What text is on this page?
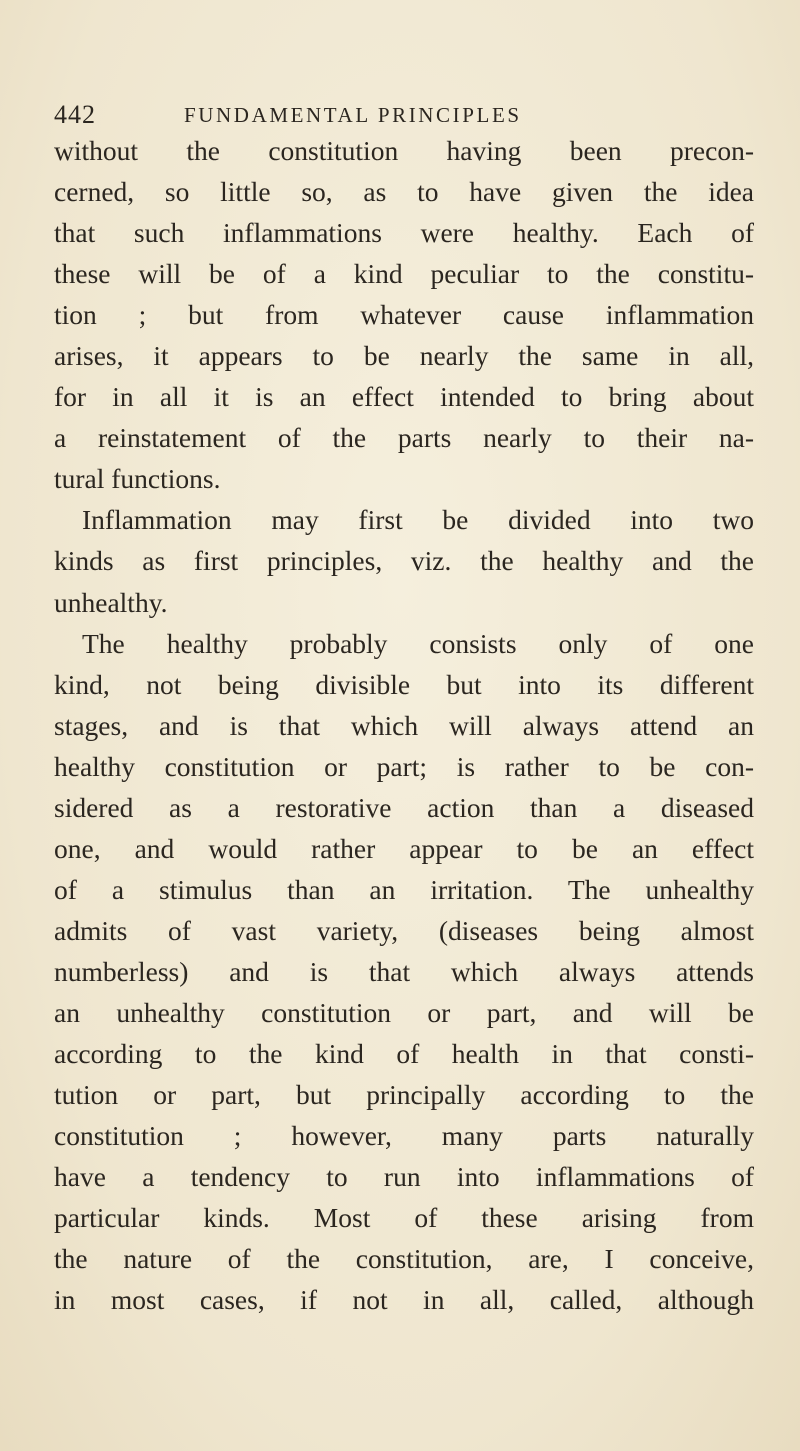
442	FUNDAMENTAL PRINCIPLES
without the constitution having been precon-
cerned, so little so, as to have given the idea
that such inflammations were healthy. Each of
these will be of a kind peculiar to the constitu-
tion ; but from whatever cause inflammation
arises, it appears to be nearly the same in all,
for in all it is an effect intended to bring about
a reinstatement of the parts nearly to their na-
tural functions.
Inflammation may first be divided into two
kinds as first principles, viz. the healthy and the
unhealthy.
The healthy probably consists only of one
kind, not being divisible but into its different
stages, and is that which will always attend an
healthy constitution or part; is rather to be con-
sidered as a restorative action than a diseased
one, and would rather appear to be an effect
of a stimulus than an irritation. The unhealthy
admits of vast variety, (diseases being almost
numberless) and is that which always attends
an unhealthy constitution or part, and will be
according to the kind of health in that consti-
tution or part, but principally according to the
constitution ; however, many parts naturally
have a tendency to run into inflammations of
particular kinds. Most of these arising from
the nature of the constitution, are, I conceive,
in most cases, if not in all, called, although
